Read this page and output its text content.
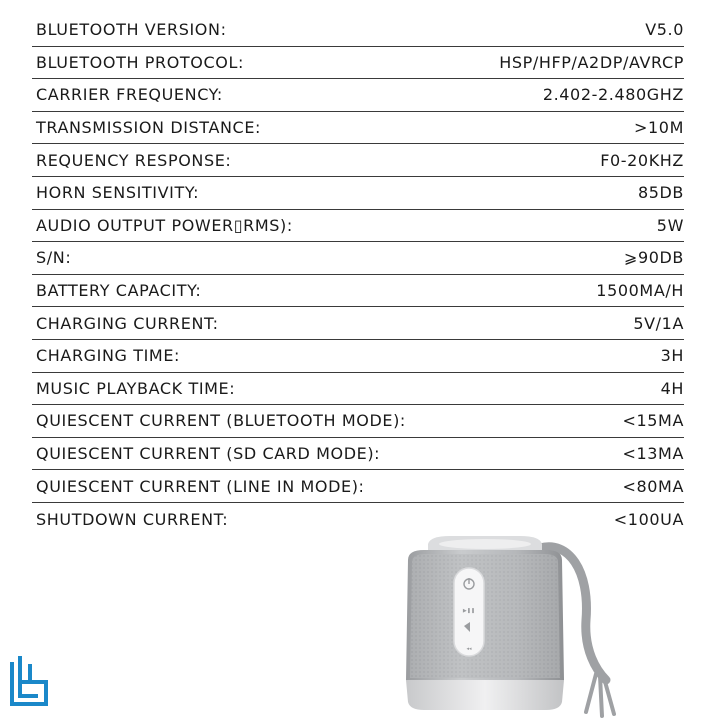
BLUETOOTH VERSION:	V5.0
BLUETOOTH PROTOCOL:	HSP/HFP/A2DP/AVRCP
CARRIER FREQUENCY:	2.402-2.480GHZ
TRANSMISSION DISTANCE:	>10M
REQUENCY RESPONSE:	F0-20KHZ
HORN SENSITIVITY:	85DB
AUDIO OUTPUT POWER▯RMS):	5W
S/N:	⩾90DB
BATTERY CAPACITY:	1500MA/H
CHARGING CURRENT:	5V/1A
CHARGING TIME:	3H
MUSIC PLAYBACK TIME:	4H
QUIESCENT CURRENT (BLUETOOTH MODE):	<15MA
QUIESCENT CURRENT (SD CARD MODE):	<13MA
QUIESCENT CURRENT (LINE IN MODE):	<80MA
SHUTDOWN CURRENT:	<100UA
▶❚❚
◂◂
